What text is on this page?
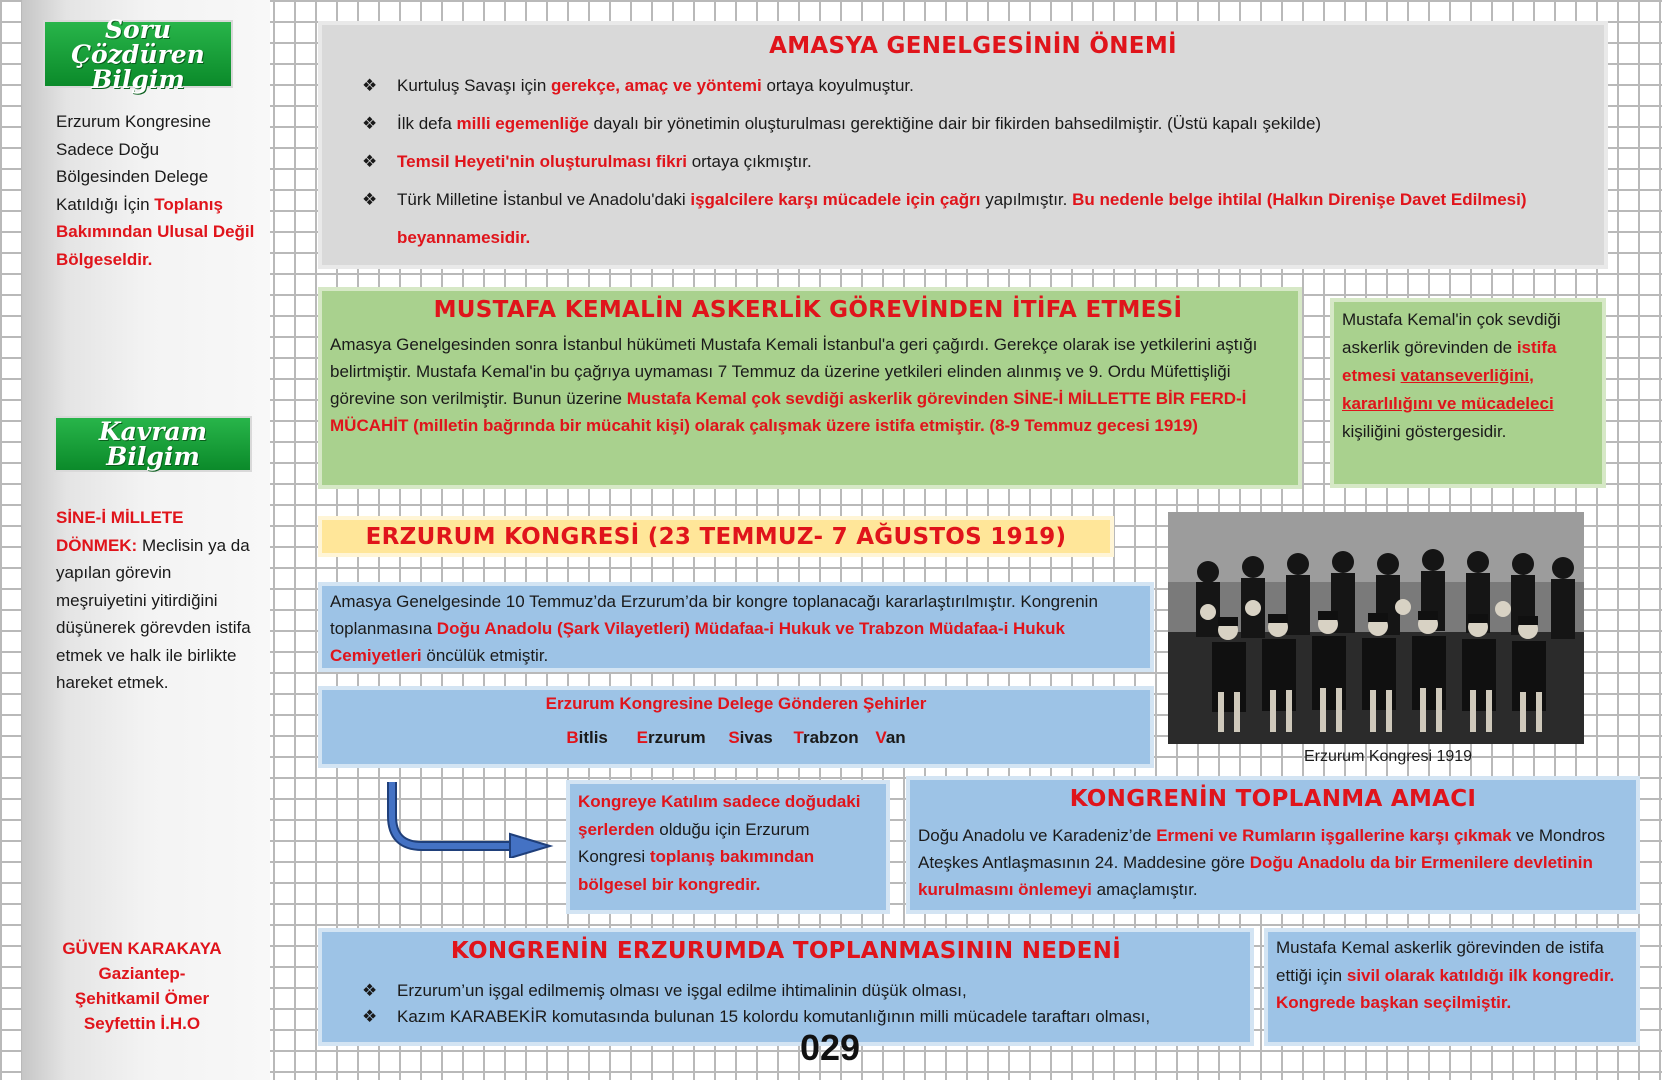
Soru Çözdüren Bilgim
Erzurum Kongresine Sadece Doğu Bölgesinden Delege Katıldığı İçin Toplanış Bakımından Ulusal Değil Bölgeseldir.
Kavram Bilgim
SİNE-İ MİLLETE DÖNMEK: Meclisin ya da yapılan görevin meşruiyetini yitirdiğini düşünerek görevden istifa etmek ve halk ile birlikte hareket etmek.
GÜVEN KARAKAYA
Gaziantep-
Şehitkamil Ömer
Seyfettin İ.H.O
AMASYA GENELGESİNİN ÖNEMİ
❖ Kurtuluş Savaşı için gerekçe, amaç ve yöntemi ortaya koyulmuştur.
❖ İlk defa milli egemenliğe dayalı bir yönetimin oluşturulması gerektiğine dair bir fikirden bahsedilmiştir. (Üstü kapalı şekilde)
❖ Temsil Heyeti'nin oluşturulması fikri ortaya çıkmıştır.
❖ Türk Milletine İstanbul ve Anadolu'daki işgalcilere karşı mücadele için çağrı yapılmıştır. Bu nedenle belge ihtilal (Halkın Direnişe Davet Edilmesi) beyannamesidir.
MUSTAFA KEMALİN ASKERLİK GÖREVİNDEN İTİFA ETMESİ
Amasya Genelgesinden sonra İstanbul hükümeti Mustafa Kemali İstanbul'a geri çağırdı. Gerekçe olarak ise yetkilerini aştığı belirtmiştir. Mustafa Kemal'in bu çağrıya uymaması 7 Temmuz da üzerine yetkileri elinden alınmış ve 9. Ordu Müfettişliği görevine son verilmiştir. Bunun üzerine Mustafa Kemal çok sevdiği askerlik görevinden SİNE-İ MİLLETTE BİR FERD-İ MÜCAHİT (milletin bağrında bir mücahit kişi) olarak çalışmak üzere istifa etmiştir. (8-9 Temmuz gecesi 1919)
Mustafa Kemal'in çok sevdiği askerlik görevinden de istifa etmesi vatanseverliğini, kararlılığını ve mücadeleci kişiliğini göstergesidir.
ERZURUM KONGRESİ (23 TEMMUZ- 7 AĞUSTOS 1919)
Erzurum Kongresi 1919
Amasya Genelgesinde 10 Temmuz’da Erzurum’da bir kongre toplanacağı kararlaştırılmıştır. Kongrenin toplanmasına Doğu Anadolu (Şark Vilayetleri) Müdafaa-i Hukuk ve Trabzon Müdafaa-i Hukuk Cemiyetleri öncülük etmiştir.
Erzurum Kongresine Delege Gönderen Şehirler
Bitlis Erzurum Sivas Trabzon Van
Kongreye Katılım sadece doğudaki şerlerden olduğu için Erzurum Kongresi toplanış bakımından bölgesel bir kongredir.
KONGRENİN TOPLANMA AMACI
Doğu Anadolu ve Karadeniz’de Ermeni ve Rumların işgallerine karşı çıkmak ve Mondros Ateşkes Antlaşmasının 24. Maddesine göre Doğu Anadolu da bir Ermenilere devletinin kurulmasını önlemeyi amaçlamıştır.
KONGRENİN ERZURUMDA TOPLANMASININ NEDENİ
❖ Erzurum’un işgal edilmemiş olması ve işgal edilme ihtimalinin düşük olması,
❖ Kazım KARABEKİR komutasında bulunan 15 kolordu komutanlığının milli mücadele taraftarı olması,
Mustafa Kemal askerlik görevinden de istifa ettiği için sivil olarak katıldığı ilk kongredir. Kongrede başkan seçilmiştir.
029
